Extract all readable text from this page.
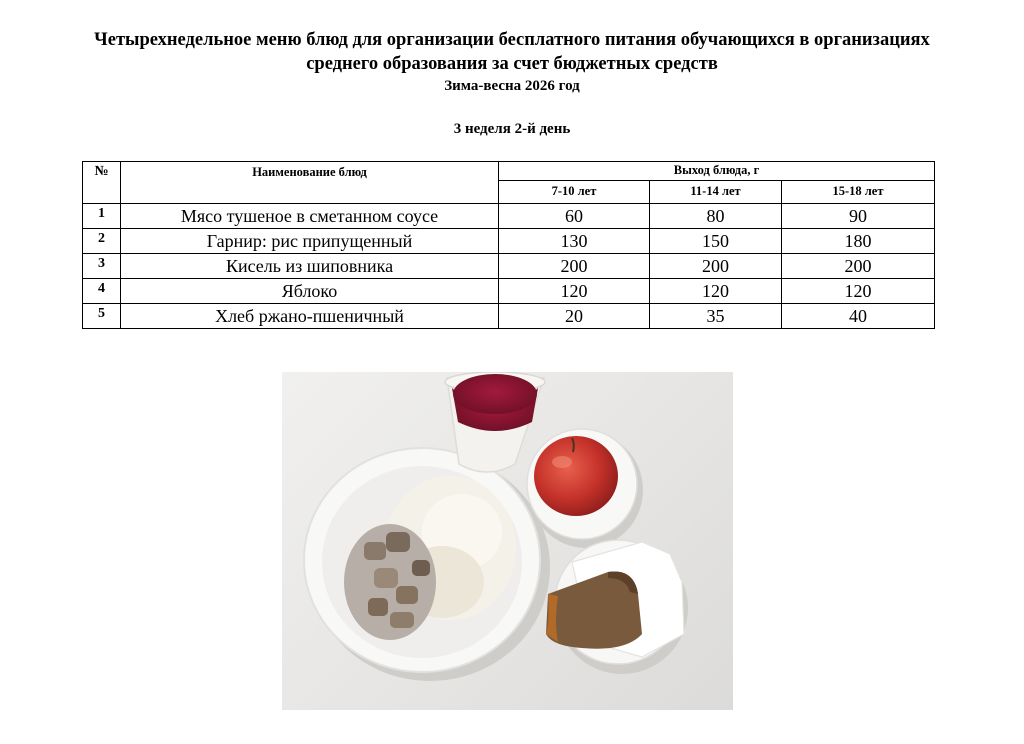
Четырехнедельное меню блюд для организации бесплатного питания обучающихся в организациях
среднего образования за счет бюджетных средств
Зима-весна 2026 год
3 неделя 2-й день
№	Наименование блюд	Выход блюда, г		
		7-10 лет	11-14 лет	15-18 лет
1	Мясо тушеное в сметанном соусе	60	80	90
2	Гарнир: рис припущенный	130	150	180
3	Кисель из шиповника	200	200	200
4	Яблоко	120	120	120
5	Хлеб ржано-пшеничный	20	35	40
